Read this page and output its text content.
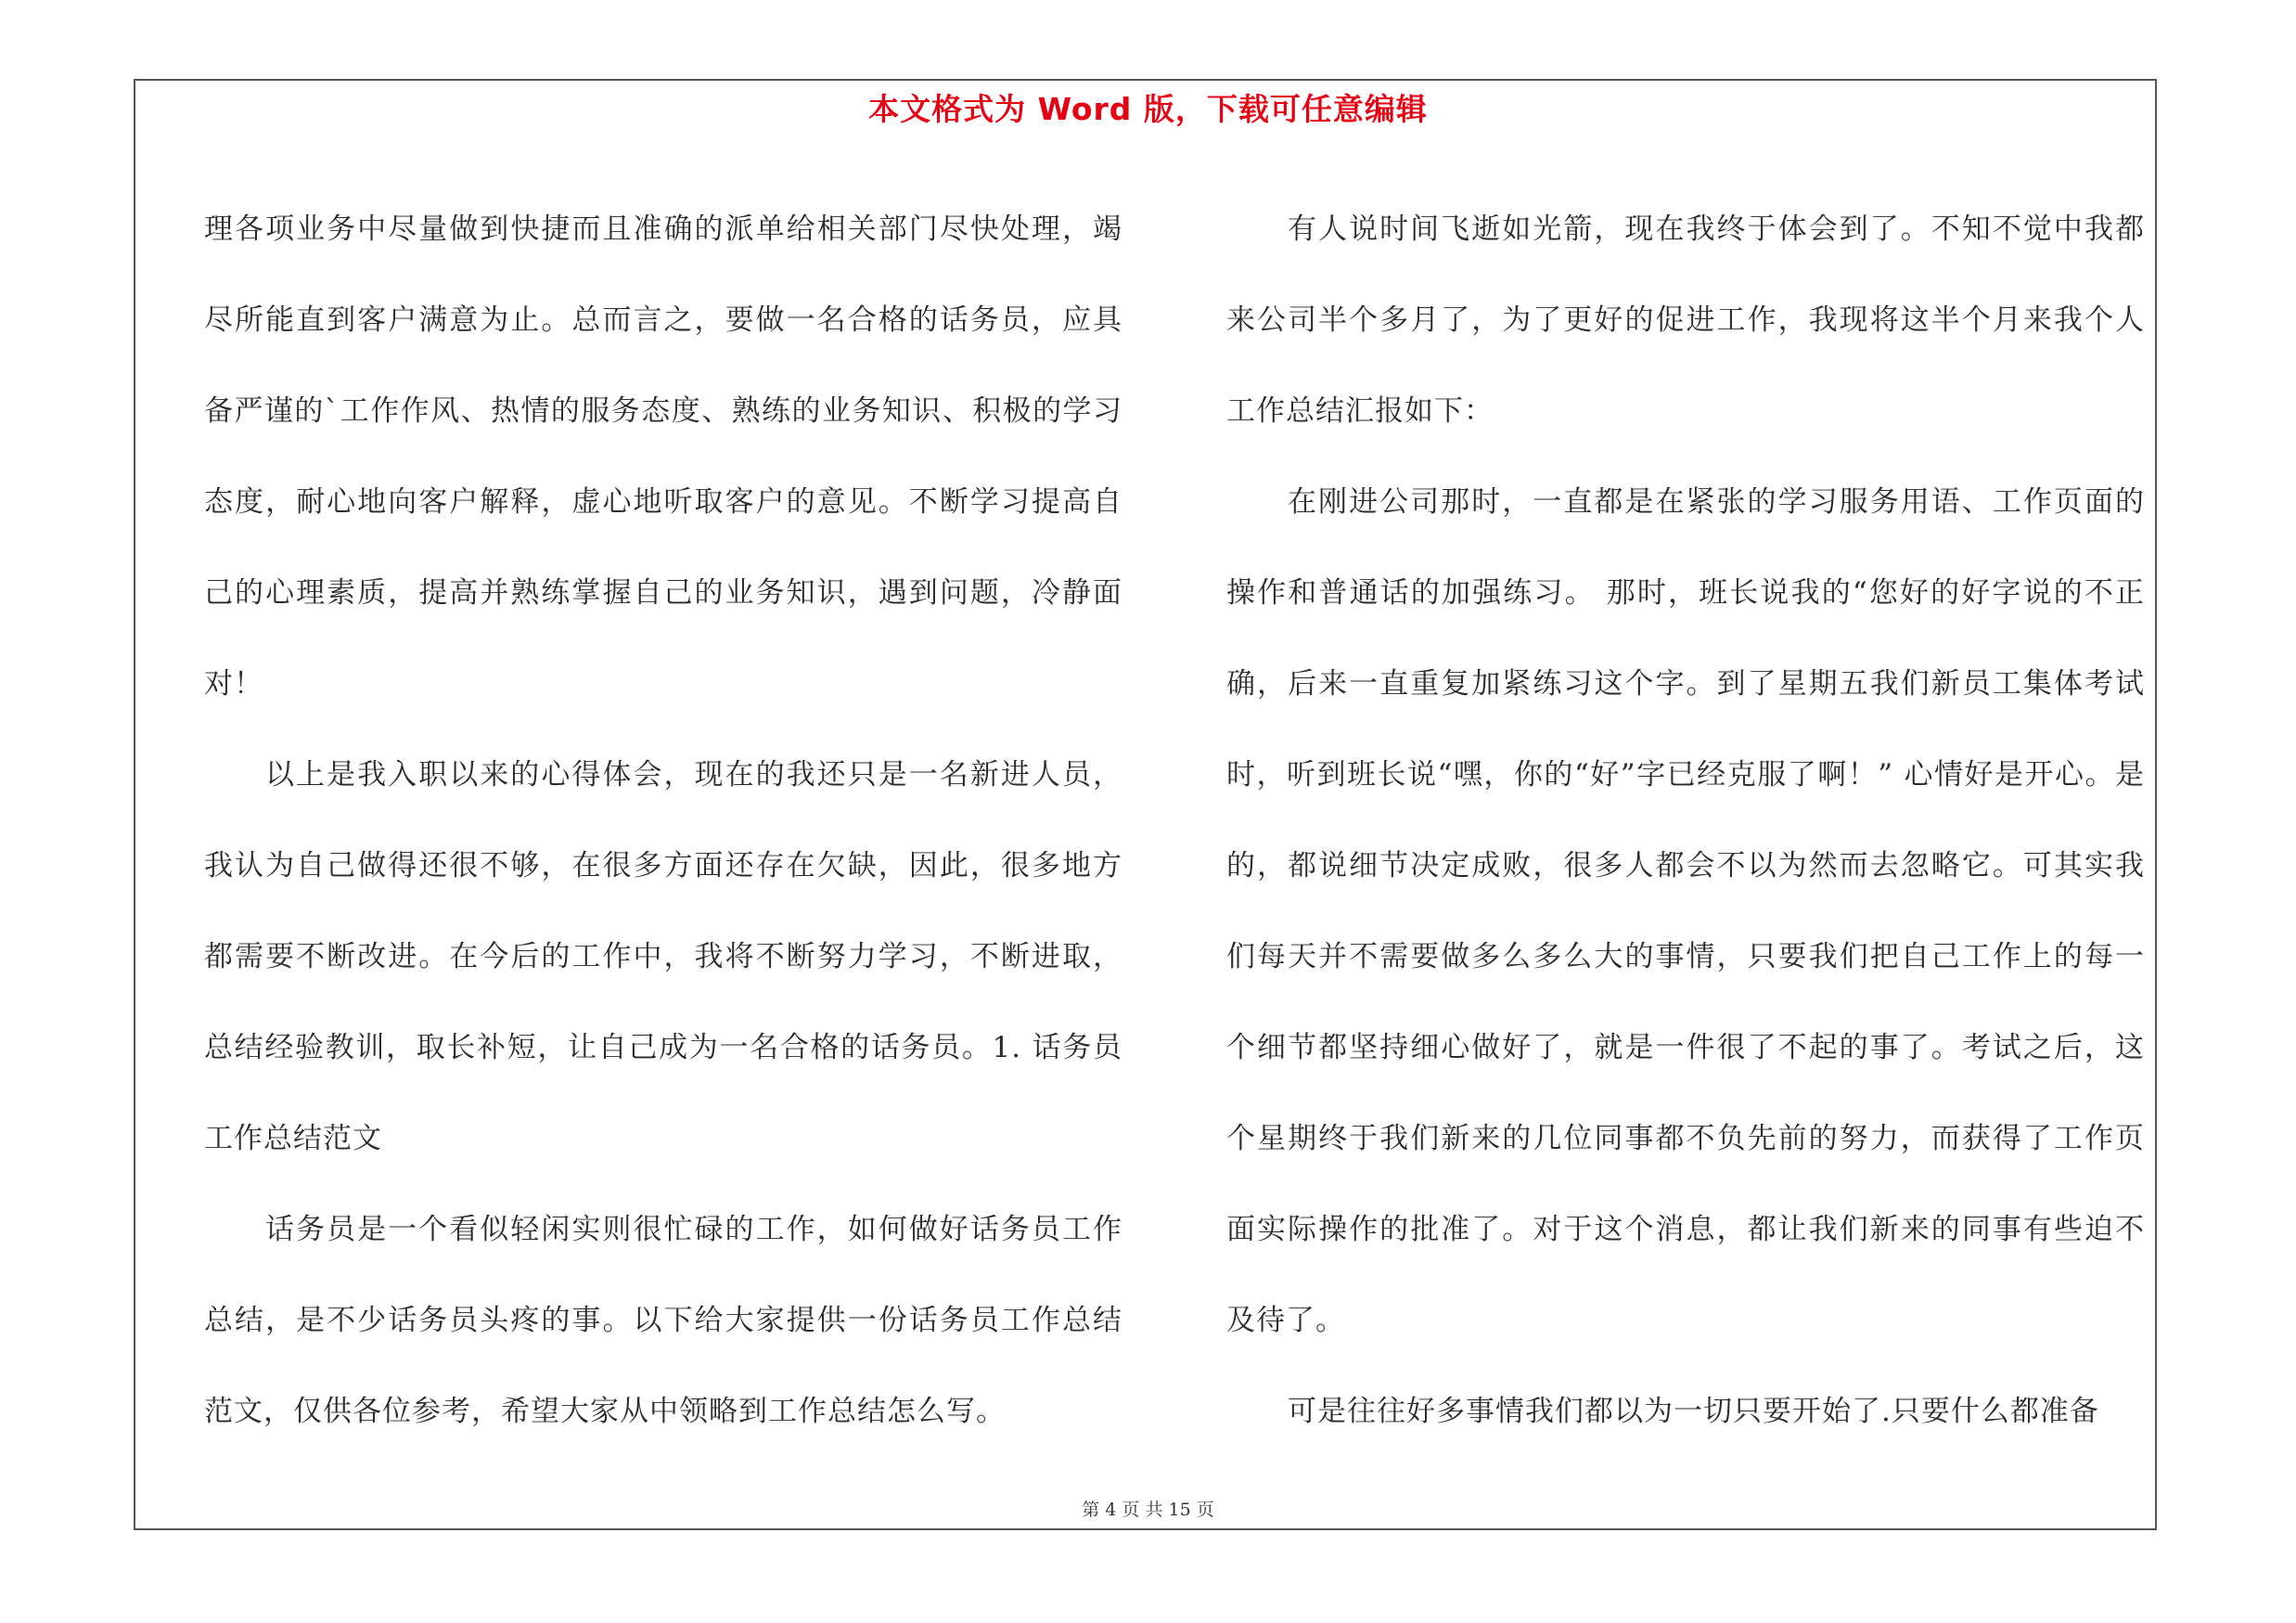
本文格式为 Word 版，下载可任意编辑

理各项业务中尽量做到快捷而且准确的派单给相关部门尽快处理，竭尽所能直到客户满意为止。总而言之，要做一名合格的话务员，应具备严谨的`工作作风、热情的服务态度、熟练的业务知识、积极的学习态度，耐心地向客户解释，虚心地听取客户的意见。不断学习提高自己的心理素质，提高并熟练掌握自己的业务知识，遇到问题，冷静面对！

以上是我入职以来的心得体会，现在的我还只是一名新进人员，我认为自己做得还很不够，在很多方面还存在欠缺，因此，很多地方都需要不断改进。在今后的工作中，我将不断努力学习，不断进取，总结经验教训，取长补短，让自己成为一名合格的话务员。1. 话务员工作总结范文

话务员是一个看似轻闲实则很忙碌的工作，如何做好话务员工作总结，是不少话务员头疼的事。以下给大家提供一份话务员工作总结范文，仅供各位参考，希望大家从中领略到工作总结怎么写。

有人说时间飞逝如光箭，现在我终于体会到了。不知不觉中我都来公司半个多月了，为了更好的促进工作，我现将这半个月来我个人工作总结汇报如下：

在刚进公司那时，一直都是在紧张的学习服务用语、工作页面的操作和普通话的加强练习。 那时，班长说我的“您好的好字说的不正确，后来一直重复加紧练习这个字。到了星期五我们新员工集体考试时，听到班长说“嘿，你的“好”字已经克服了啊！” 心情好是开心。是的，都说细节决定成败，很多人都会不以为然而去忽略它。可其实我们每天并不需要做多么多么大的事情，只要我们把自己工作上的每一个细节都坚持细心做好了，就是一件很了不起的事了。考试之后，这个星期终于我们新来的几位同事都不负先前的努力，而获得了工作页面实际操作的批准了。对于这个消息，都让我们新来的同事有些迫不及待了。

可是往往好多事情我们都以为一切只要开始了.只要什么都准备

第 4 页 共 15 页
